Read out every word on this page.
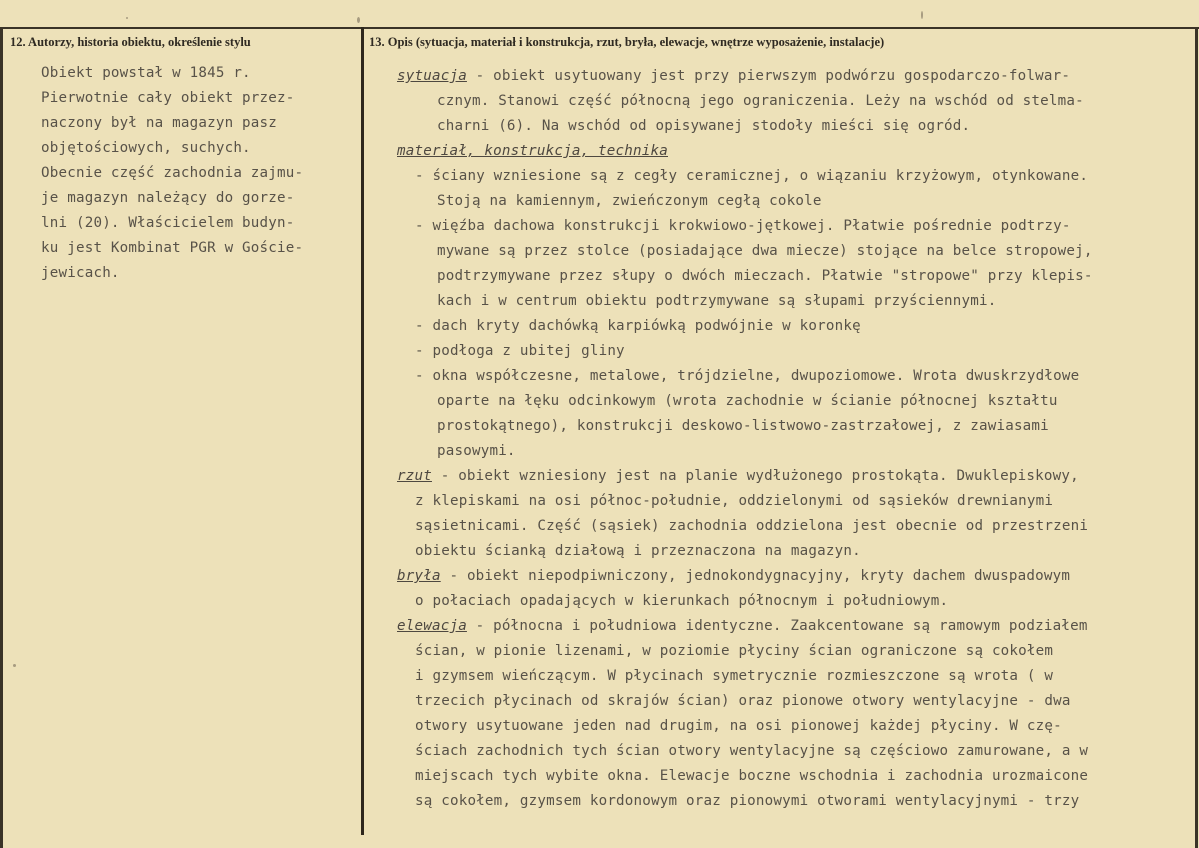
12. Autorzy, historia obiektu, określenie stylu	13. Opis (sytuacja, materiał i konstrukcja, rzut, bryła, elewacje, wnętrze wyposażenie, instalacje)
Obiekt powstał w 1845 r.
Pierwotnie cały obiekt przez-
naczony był na magazyn pasz
objętościowych, suchych.
Obecnie część zachodnia zajmu-
je magazyn należący do gorze-
lni (20). Właścicielem budyn-
ku jest Kombinat PGR w Goście-
jewicach.
sytuacja - obiekt usytuowany jest przy pierwszym podwórzu gospodarczo-folwar-
cznym. Stanowi część północną jego ograniczenia. Leży na wschód od stelma-
charni (6). Na wschód od opisywanej stodoły mieści się ogród.
materiał, konstrukcja, technika
- ściany wzniesione są z cegły ceramicznej, o wiązaniu krzyżowym, otynkowane.
Stoją na kamiennym, zwieńczonym cegłą cokole
- więźba dachowa konstrukcji krokwiowo-jętkowej. Płatwie pośrednie podtrzy-
mywane są przez stolce (posiadające dwa miecze) stojące na belce stropowej,
podtrzymywane przez słupy o dwóch mieczach. Płatwie "stropowe" przy klepis-
kach i w centrum obiektu podtrzymywane są słupami przyściennymi.
- dach kryty dachówką karpiówką podwójnie w koronkę
- podłoga z ubitej gliny
- okna współczesne, metalowe, trójdzielne, dwupoziomowe. Wrota dwuskrzydłowe
oparte na łęku odcinkowym (wrota zachodnie w ścianie północnej kształtu
prostokątnego), konstrukcji deskowo-listwowo-zastrzałowej, z zawiasami
pasowymi.
rzut - obiekt wzniesiony jest na planie wydłużonego prostokąta. Dwuklepiskowy,
z klepiskami na osi północ-południe, oddzielonymi od sąsieków drewnianymi
sąsietnicami. Część (sąsiek) zachodnia oddzielona jest obecnie od przestrzeni
obiektu ścianką działową i przeznaczona na magazyn.
bryła - obiekt niepodpiwniczony, jednokondygnacyjny, kryty dachem dwuspadowym
o połaciach opadających w kierunkach północnym i południowym.
elewacja - północna i południowa identyczne. Zaakcentowane są ramowym podziałem
ścian, w pionie lizenami, w poziomie płyciny ścian ograniczone są cokołem
i gzymsem wieńczącym. W płycinach symetrycznie rozmieszczone są wrota ( w
trzecich płycinach od skrajów ścian) oraz pionowe otwory wentylacyjne - dwa
otwory usytuowane jeden nad drugim, na osi pionowej każdej płyciny. W czę-
ściach zachodnich tych ścian otwory wentylacyjne są częściowo zamurowane, a w
miejscach tych wybite okna. Elewacje boczne wschodnia i zachodnia urozmaicone
są cokołem, gzymsem kordonowym oraz pionowymi otworami wentylacyjnymi - trzy
